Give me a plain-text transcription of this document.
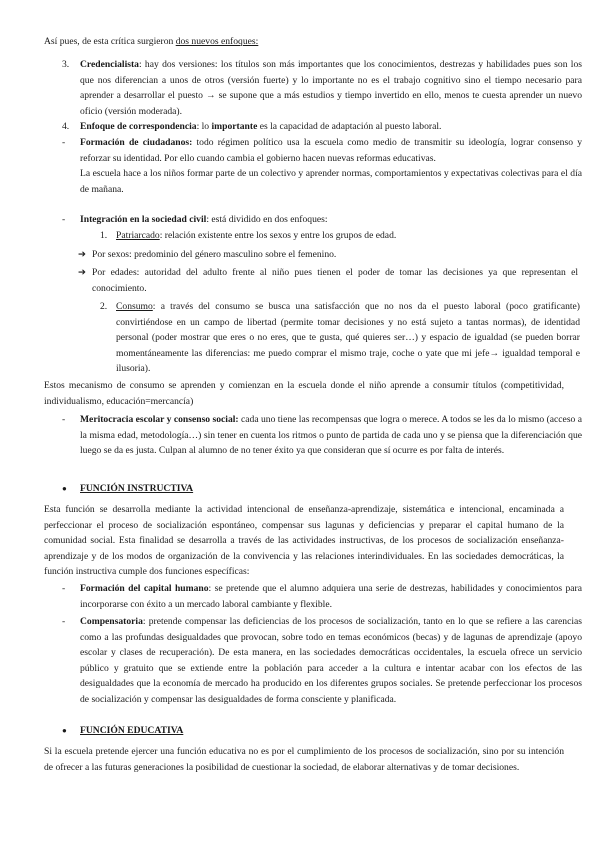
Así pues, de esta crítica surgieron dos nuevos enfoques:

3. Credencialista: hay dos versiones: los títulos son más importantes que los conocimientos, destrezas y habilidades pues son los que nos diferencian a unos de otros (versión fuerte) y lo importante no es el trabajo cognitivo sino el tiempo necesario para aprender a desarrollar el puesto → se supone que a más estudios y tiempo invertido en ello, menos te cuesta aprender un nuevo oficio (versión moderada).
4. Enfoque de correspondencia: lo importante es la capacidad de adaptación al puesto laboral.
- Formación de ciudadanos: todo régimen político usa la escuela como medio de transmitir su ideología, lograr consenso y reforzar su identidad. Por ello cuando cambia el gobierno hacen nuevas reformas educativas.
La escuela hace a los niños formar parte de un colectivo y aprender normas, comportamientos y expectativas colectivas para el día de mañana.
- Integración en la sociedad civil: está dividido en dos enfoques:
1. Patriarcado: relación existente entre los sexos y entre los grupos de edad.
➔ Por sexos: predominio del género masculino sobre el femenino.
➔ Por edades: autoridad del adulto frente al niño pues tienen el poder de tomar las decisiones ya que representan el conocimiento.
2. Consumo: a través del consumo se busca una satisfacción que no nos da el puesto laboral (poco gratificante) convirtiéndose en un campo de libertad (permite tomar decisiones y no está sujeto a tantas normas), de identidad personal (poder mostrar que eres o no eres, que te gusta, qué quieres ser…) y espacio de igualdad (se pueden borrar momentáneamente las diferencias: me puedo comprar el mismo traje, coche o yate que mi jefe→ igualdad temporal e ilusoria).

Estos mecanismo de consumo se aprenden y comienzan en la escuela donde el niño aprende a consumir títulos (competitividad, individualismo, educación=mercancía)

- Meritocracia escolar y consenso social: cada uno tiene las recompensas que logra o merece. A todos se les da lo mismo (acceso a la misma edad, metodología…) sin tener en cuenta los ritmos o punto de partida de cada uno y se piensa que la diferenciación que luego se da es justa. Culpan al alumno de no tener éxito ya que consideran que sí ocurre es por falta de interés.
● FUNCIÓN INSTRUCTIVA

Esta función se desarrolla mediante la actividad intencional de enseñanza-aprendizaje, sistemática e intencional, encaminada a perfeccionar el proceso de socialización espontáneo, compensar sus lagunas y deficiencias y preparar el capital humano de la comunidad social. Esta finalidad se desarrolla a través de las actividades instructivas, de los procesos de socialización enseñanza-aprendizaje y de los modos de organización de la convivencia y las relaciones interindividuales. En las sociedades democráticas, la función instructiva cumple dos funciones específicas:

- Formación del capital humano: se pretende que el alumno adquiera una serie de destrezas, habilidades y conocimientos para incorporarse con éxito a un mercado laboral cambiante y flexible.
- Compensatoria: pretende compensar las deficiencias de los procesos de socialización, tanto en lo que se refiere a las carencias como a las profundas desigualdades que provocan, sobre todo en temas económicos (becas) y de lagunas de aprendizaje (apoyo escolar y clases de recuperación). De esta manera, en las sociedades democráticas occidentales, la escuela ofrece un servicio público y gratuito que se extiende entre la población para acceder a la cultura e intentar acabar con los efectos de las desigualdades que la economía de mercado ha producido en los diferentes grupos sociales. Se pretende perfeccionar los procesos de socialización y compensar las desigualdades de forma consciente y planificada.
● FUNCIÓN EDUCATIVA

Si la escuela pretende ejercer una función educativa no es por el cumplimiento de los procesos de socialización, sino por su intención de ofrecer a las futuras generaciones la posibilidad de cuestionar la sociedad, de elaborar alternativas y de tomar decisiones.
